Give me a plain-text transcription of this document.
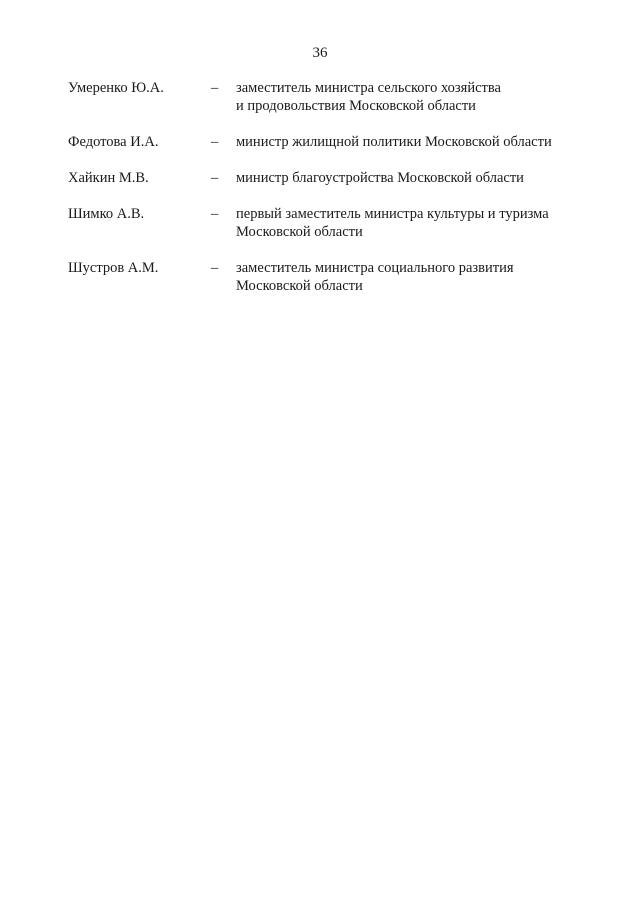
36
Умеренко Ю.А.	– заместитель министра сельского хозяйства
и продовольствия Московской области
Федотова И.А.	– министр жилищной политики Московской области
Хайкин М.В.	– министр благоустройства Московской области
Шимко А.В.	– первый заместитель министра культуры и туризма
Московской области
Шустров А.М.	– заместитель министра социального развития
Московской области
